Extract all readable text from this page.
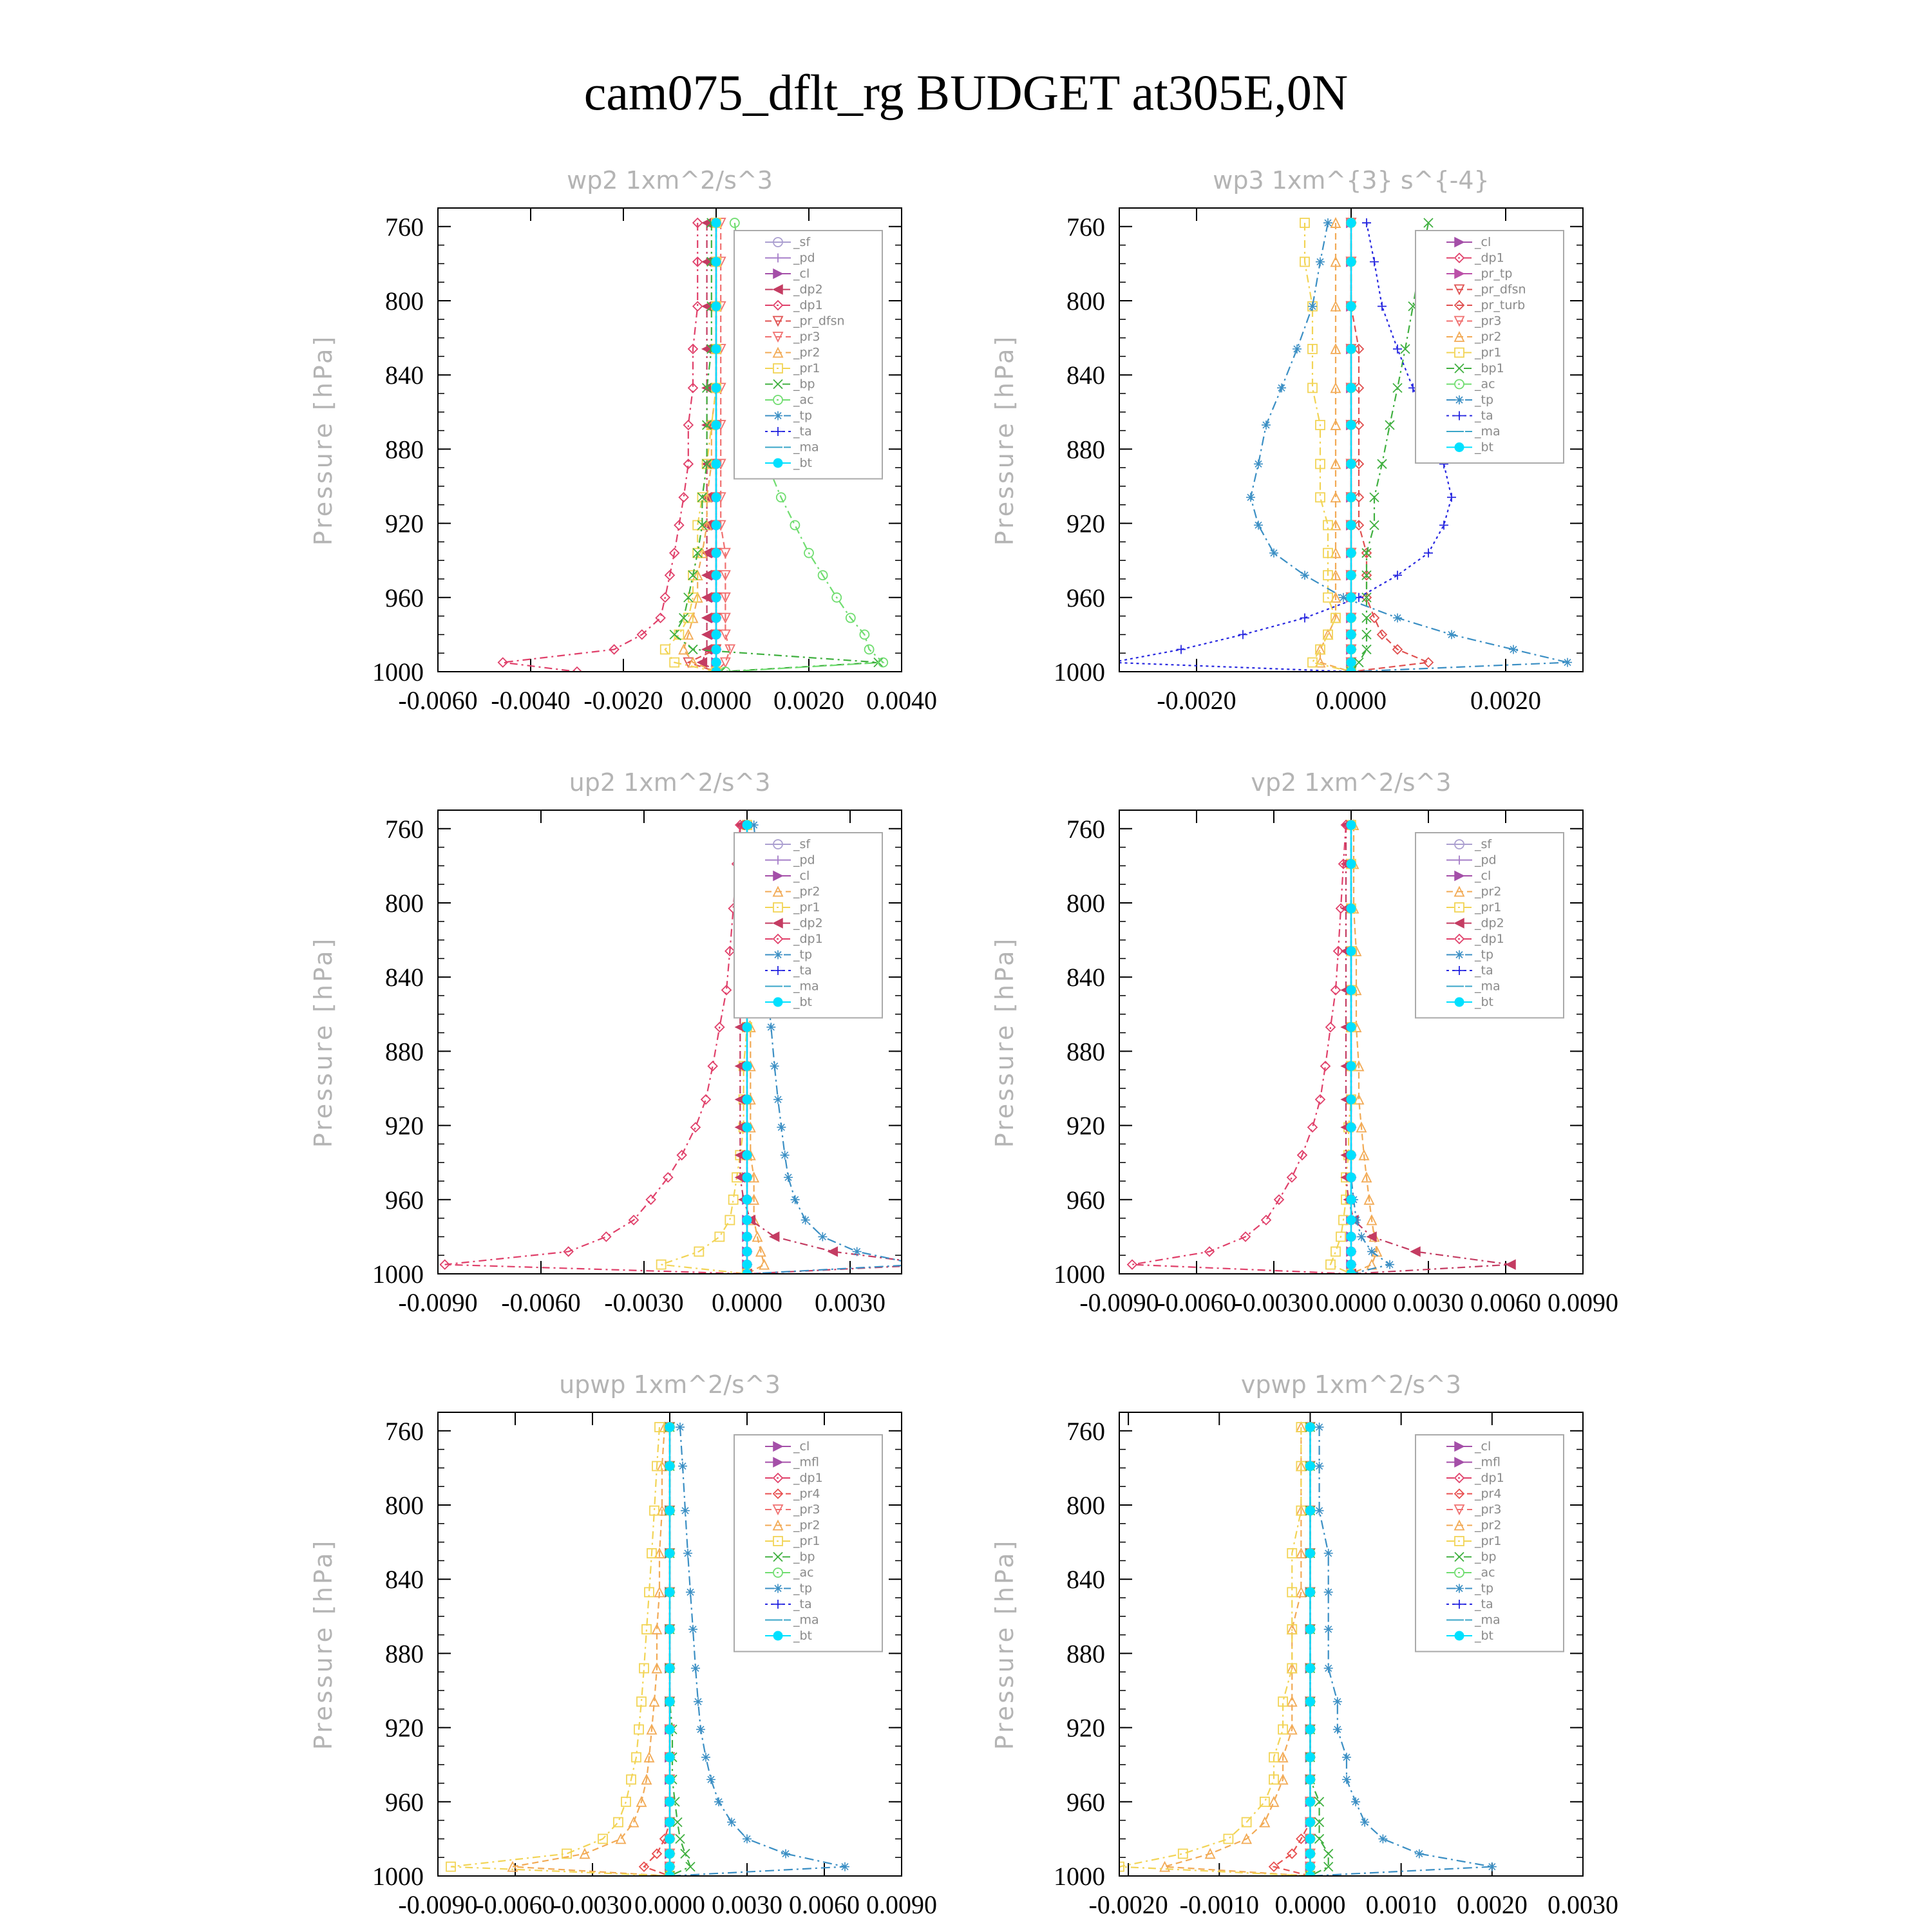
cam075_dflt_rg BUDGET at305E,0N
wp2 1xm^2/s^3
Pressure [hPa]
760
800
840
880
920
960
1000
-0.0060 -0.0040 -0.0020 0.0000 0.0020 0.0040
_sf
_pd
_cl
_dp2
_dp1
_pr_dfsn
_pr3
_pr2
_pr1
_bp
_ac
_tp
_ta
_ma
_bt
wp3 1xm^{3} s^{-4}
Pressure [hPa]
760
800
840
880
920
960
1000
-0.0020	0.0000	0.0020
_cl
_dp1
_pr_tp
_pr_dfsn
_pr_turb
_pr3
_pr2
_pr1
_bp1
_ac
_tp
_ta
_ma
_bt
up2 1xm^2/s^3
Pressure [hPa]
760
800
840
880
920
960
1000
-0.0090 -0.0060 -0.0030 0.0000 0.0030
_sf
_pd
_cl
_pr2
_pr1
_dp2
_dp1
_tp
_ta
_ma
_bt
vp2 1xm^2/s^3
Pressure [hPa]
760
800
840
880
920
960
1000
-0.0090
-0.0060
-0.0030 0.0000 0.0030 0.0060 0.0090
_sf
_pd
_cl
_pr2
_pr1
_dp2
_dp1
_tp
_ta
_ma
_bt
upwp 1xm^2/s^3
Pressure [hPa]
760
800
840
880
920
960
1000
-0.0090
-0.0060
-0.0030 0.0000 0.0030 0.0060 0.0090
_cl
_mfl
_dp1
_pr4
_pr3
_pr2
_pr1
_bp
_ac
_tp
_ta
_ma
_bt
vpwp 1xm^2/s^3
Pressure [hPa]
760
800
840
880
920
960
1000
-0.0020 -0.0010 0.0000 0.0010 0.0020 0.0030
_cl
_mfl
_dp1
_pr4
_pr3
_pr2
_pr1
_bp
_ac
_tp
_ta
_ma
_bt
